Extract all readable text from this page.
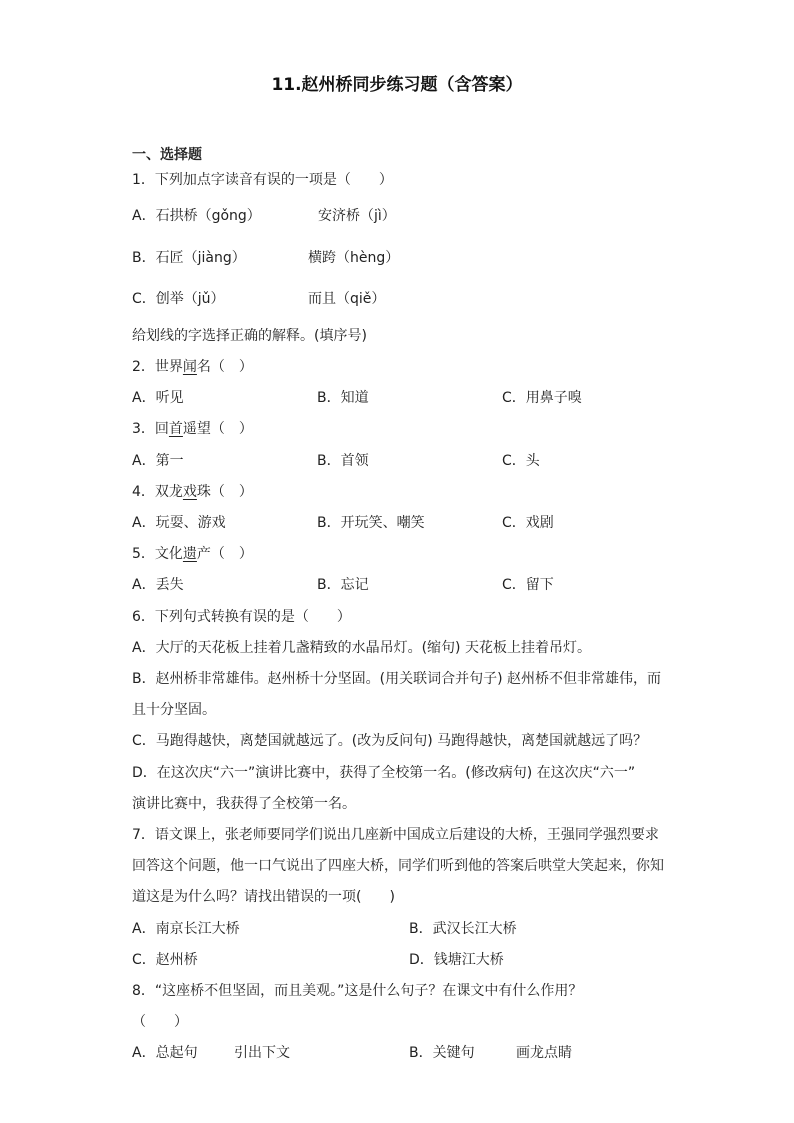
11.赵州桥同步练习题（含答案）
一、选择题
1．下列加点字读音有误的一项是（　　）
A．石拱桥（gǒng）	安济桥（jì）
B．石匠（jiàng）	横跨（hèng）
C．创举（jǔ）	而且（qiě）
给划线的字选择正确的解释。(填序号)
2．世界闻名（　）
A．听见	B．知道	C．用鼻子嗅
3．回首遥望（　）
A．第一	B．首领	C．头
4．双龙戏珠（　）
A．玩耍、游戏	B．开玩笑、嘲笑	C．戏剧
5．文化遗产（　）
A．丢失	B．忘记	C．留下
6．下列句式转换有误的是（　　）
A．大厅的天花板上挂着几盏精致的水晶吊灯。(缩句) 天花板上挂着吊灯。
B．赵州桥非常雄伟。赵州桥十分坚固。(用关联词合并句子) 赵州桥不但非常雄伟，而
且十分坚固。
C．马跑得越快，离楚国就越远了。(改为反问句) 马跑得越快，离楚国就越远了吗？
D．在这次庆“六一”演讲比赛中，获得了全校第一名。(修改病句) 在这次庆“六一”
演讲比赛中，我获得了全校第一名。
7．语文课上，张老师要同学们说出几座新中国成立后建设的大桥，王强同学强烈要求
回答这个问题，他一口气说出了四座大桥，同学们听到他的答案后哄堂大笑起来，你知
道这是为什么吗？请找出错误的一项(　　)
A．南京长江大桥	B．武汉长江大桥
C．赵州桥	D．钱塘江大桥
8．“这座桥不但坚固，而且美观。”这是什么句子？在课文中有什么作用？
（　　）
A．总起句	引出下文	B．关键句	画龙点睛
